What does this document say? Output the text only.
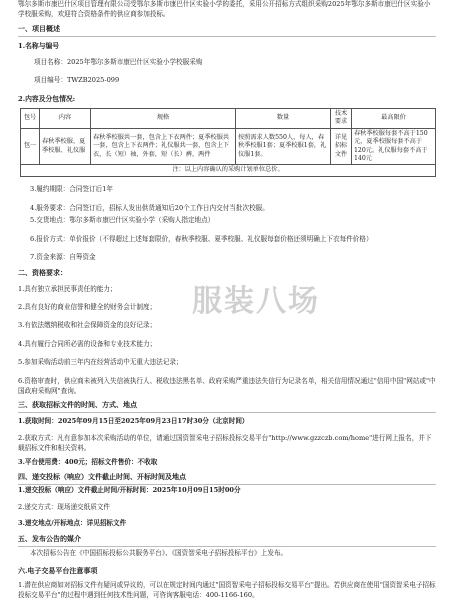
鄂尔多斯市康巴什区项目管理有限公司受鄂尔多斯市康巴什区实验小学的委托，采用公开招标方式组织采购2025年鄂尔多斯市康巴什区实验小学校服采购，欢迎符合资格条件的供应商参加投标。

一、项目概述

1.名称与编号

项目名称：2025年鄂尔多斯市康巴什区实验小学校服采购

项目编号：TWZB2025-099

2.内容及分包情况:

包号	内容	规格	数量	技术要求	最高限价
包一	春秋季校服、夏季校服、礼仪服	春秋季校服共一套，包含上下衣两件；夏季校服共一套，包含上下衣两件；礼仪服共一套，包含上下衣，长（短）袖，外套，短（长）裤，两件	按照需求人数550人，每人，春秋季校服1套；夏季校服1套，礼仪服1套。	详见招标文件	春秋季校服每套不高于150元，夏季校服每套不高于120元，礼仪服每套不高于140元
注：以上内容确认的采购计划单位总价。					

3.履约期限：合同签订后1年

4.服务要求：合同签订后，招标人发出供货通知后20个工作日内交付当批次校服。

5.交货地点：鄂尔多斯市康巴什区实验小学（采购人指定地点）

6.报价方式：单价报价（不得超过上述每套限价，春秋季校服、夏季校服、礼仪服每套价格还须明确上下衣每件价格）

7.资金来源：自筹资金

二、资格要求：

1.具有独立承担民事责任的能力；

2.具有良好的商业信誉和健全的财务会计制度；

3.有依法缴纳税收和社会保障资金的良好记录；

4.具有履行合同所必需的设备和专业技术能力；

5.参加采购活动前三年内在经营活动中无重大违法记录；

6.资格审查时，供应商未被列入失信被执行人、税收违法黑名单、政府采购严重违法失信行为记录名单，相关信用情况通过"信用中国"网站或"中国政府采购网"查询。

三、获取招标文件的时间、方式、地点

1.获取时间：2025年09月15日至2025年09月23日17时30分（北京时间）

2.获取方式：凡有意参加本次采购活动的单位，请通过国资智采电子招标投标交易平台"http://www.gzzczb.com/home"进行网上报名，并下载招标文件和相关资料。

3.平台使用费：400元；招标文件售价：不收取

四、递交投标（响应）文件截止时间、开标时间及地点

1.递交投标（响应）文件截止时间/开标时间：2025年10月09日15时00分

2.递交方式：现场递交纸质文件

3.递交地点/开标地点：详见招标文件

五、发布公告的媒介

本次招标公告在《中国招标投标公共服务平台》、《国资智采电子招标投标平台》上发布。

六.电子交易平台注意事项

1.潜在供应商如对招标文件有疑问或异议的，可以在规定时间内通过"国资智采电子招标投标交易平台"提出。若供应商在使用"国资智采电子招标投标交易平台"的过程中遇到任何技术性问题，可咨询客服电话：400-1166-160。

服装八场
